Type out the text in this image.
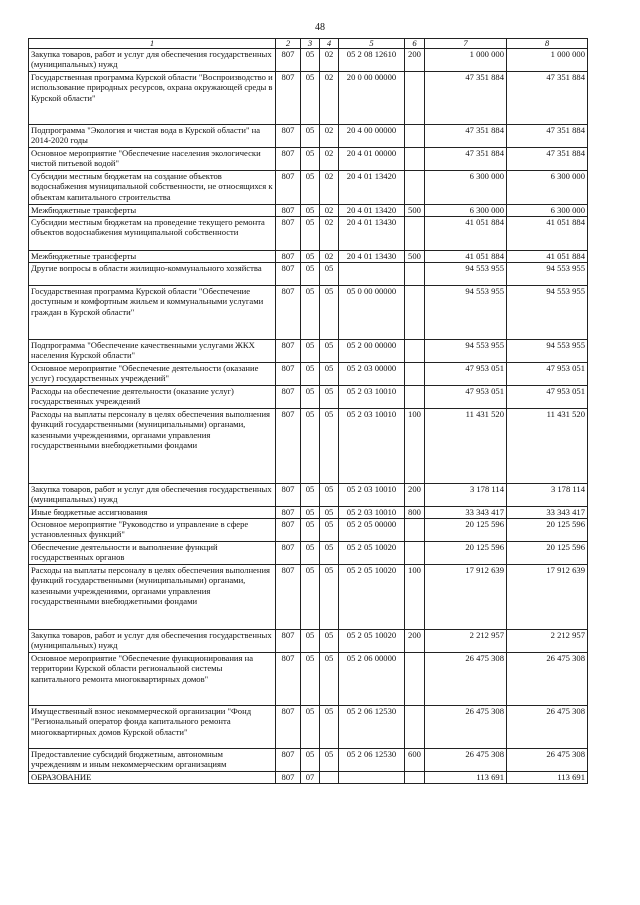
48
1	2	3	4	5	6	7	8
Закупка товаров, работ и услуг для обеспечения государственных (муниципальных) нужд	807	05	02	05 2 08 12610	200	1 000 000	1 000 000
Государственная программа Курской области "Воспроизводство и использование природных ресурсов, охрана окружающей среды в Курской области"	807	05	02	20 0 00 00000		47 351 884	47 351 884
Подпрограмма "Экология и чистая вода в Курской области" на 2014-2020 годы	807	05	02	20 4 00 00000		47 351 884	47 351 884
Основное мероприятие "Обеспечение населения экологически чистой питьевой водой"	807	05	02	20 4 01 00000		47 351 884	47 351 884
Субсидии местным бюджетам на создание объектов водоснабжения муниципальной собственности, не относящихся к объектам капитального строительства	807	05	02	20 4 01 13420		6 300 000	6 300 000
Межбюджетные трансферты	807	05	02	20 4 01 13420	500	6 300 000	6 300 000
Субсидии местным бюджетам на проведение текущего ремонта объектов водоснабжения муниципальной собственности	807	05	02	20 4 01 13430		41 051 884	41 051 884
Межбюджетные трансферты	807	05	02	20 4 01 13430	500	41 051 884	41 051 884
Другие вопросы в области жилищно-коммунального хозяйства	807	05	05			94 553 955	94 553 955
Государственная программа Курской области "Обеспечение доступным и комфортным жильем и коммунальными услугами граждан в Курской области"	807	05	05	05 0 00 00000		94 553 955	94 553 955
Подпрограмма "Обеспечение качественными услугами ЖКХ населения Курской области"	807	05	05	05 2 00 00000		94 553 955	94 553 955
Основное мероприятие "Обеспечение деятельности (оказание услуг) государственных учреждений"	807	05	05	05 2 03 00000		47 953 051	47 953 051
Расходы на обеспечение деятельности (оказание услуг) государственных учреждений	807	05	05	05 2 03 10010		47 953 051	47 953 051
Расходы на выплаты персоналу в целях обеспечения выполнения функций государственными (муниципальными) органами, казенными учреждениями, органами управления государственными внебюджетными фондами	807	05	05	05 2 03 10010	100	11 431 520	11 431 520
Закупка товаров, работ и услуг для обеспечения государственных (муниципальных) нужд	807	05	05	05 2 03 10010	200	3 178 114	3 178 114
Иные бюджетные ассигнования	807	05	05	05 2 03 10010	800	33 343 417	33 343 417
Основное мероприятие "Руководство и управление в сфере установленных функций"	807	05	05	05 2 05 00000		20 125 596	20 125 596
Обеспечение деятельности и выполнение функций государственных органов	807	05	05	05 2 05 10020		20 125 596	20 125 596
Расходы на выплаты персоналу в целях обеспечения выполнения функций государственными (муниципальными) органами, казенными учреждениями, органами управления государственными внебюджетными фондами	807	05	05	05 2 05 10020	100	17 912 639	17 912 639
Закупка товаров, работ и услуг для обеспечения государственных (муниципальных) нужд	807	05	05	05 2 05 10020	200	2 212 957	2 212 957
Основное мероприятие "Обеспечение функционирования на территории Курской области региональной системы капитального ремонта многоквартирных домов"	807	05	05	05 2 06 00000		26 475 308	26 475 308
Имущественный взнос некоммерческой организации "Фонд "Региональный оператор фонда капитального ремонта многоквартирных домов Курской области"	807	05	05	05 2 06 12530		26 475 308	26 475 308
Предоставление субсидий бюджетным, автономным учреждениям и иным некоммерческим организациям	807	05	05	05 2 06 12530	600	26 475 308	26 475 308
ОБРАЗОВАНИЕ	807	07				113 691	113 691
